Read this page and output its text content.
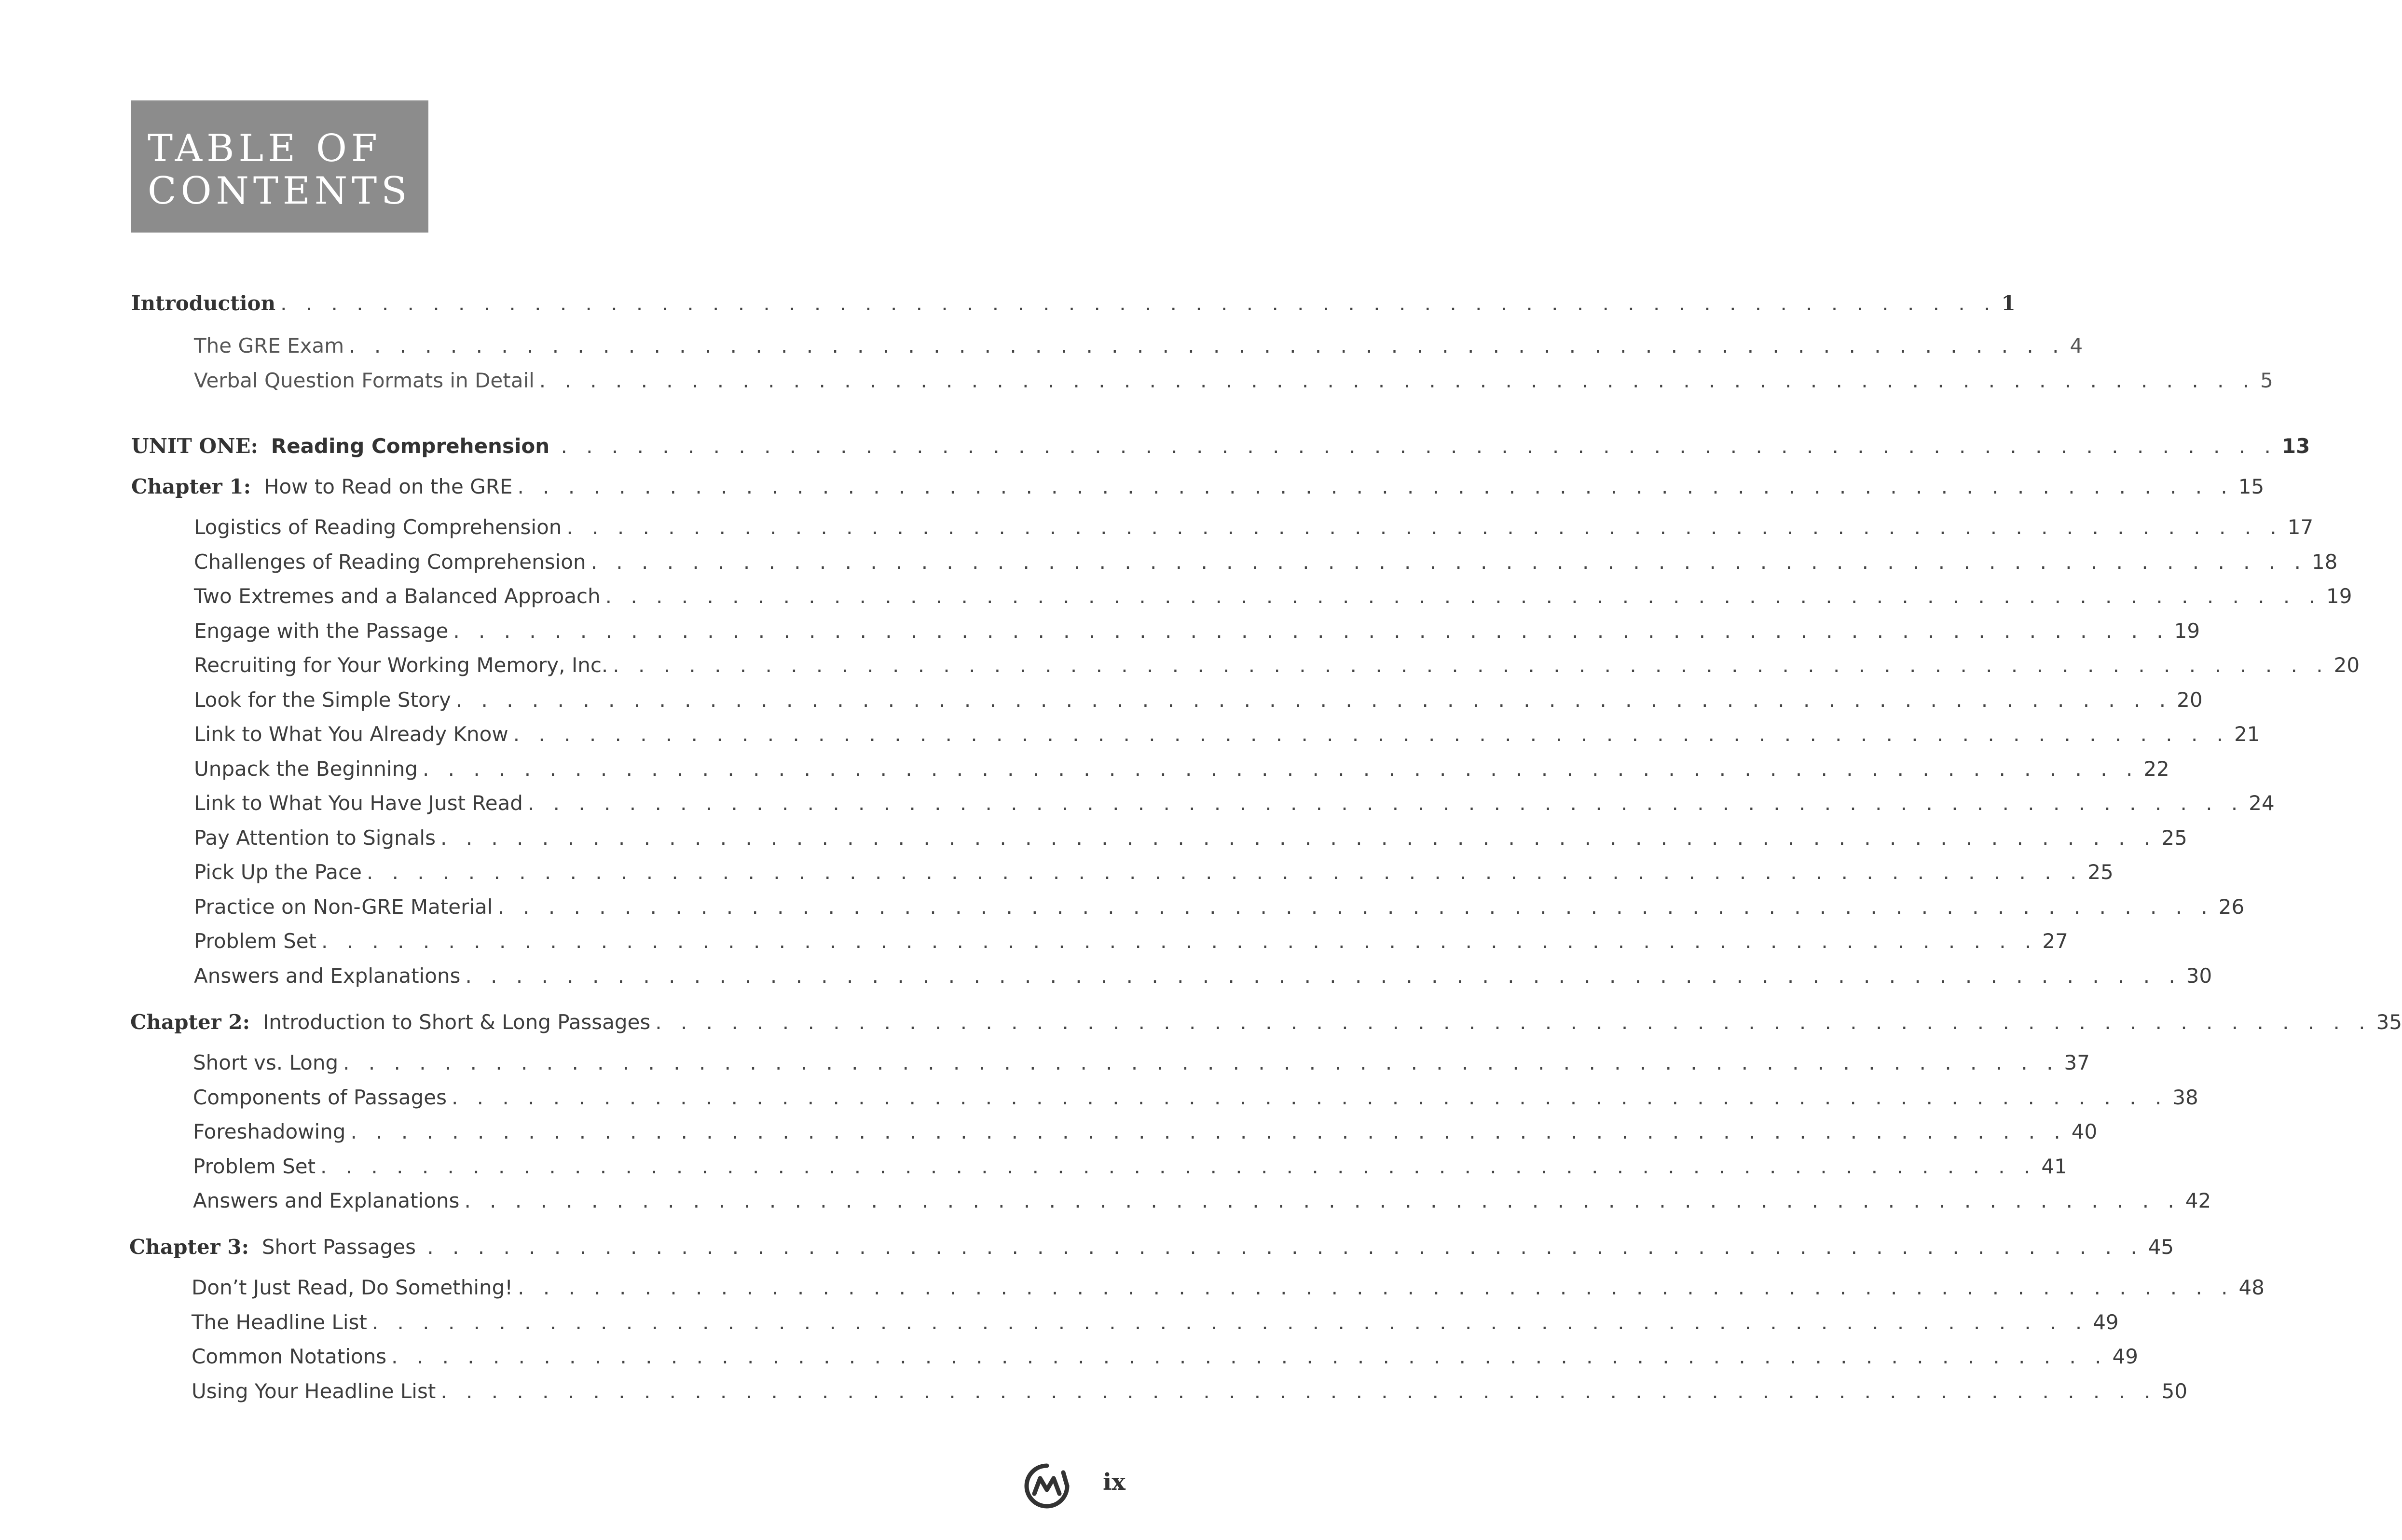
TABLE OF
CONTENTS
Introduction . . . . . . . . . . . . . . . . . . . . . . . . . . . . . . . . . . . . . . . . . . . . . . . . . . . . . . . . . . . . . . . . . . . . 1
The GRE Exam . . . . . . . . . . . . . . . . . . . . . . . . . . . . . . . . . . . . . . . . . . . . . . . . . . . . . . . . . . . . . . . . . . . . 4
Verbal Question Formats in Detail . . . . . . . . . . . . . . . . . . . . . . . . . . . . . . . . . . . . . . . . . . . . . . . . . . . . . . . . . . . . . . . . . . . . 5
UNIT ONE: Reading Comprehension . . . . . . . . . . . . . . . . . . . . . . . . . . . . . . . . . . . . . . . . . . . . . . . . . . . . . . . . . . . . . . . . . . . . 13
Chapter 1: How to Read on the GRE . . . . . . . . . . . . . . . . . . . . . . . . . . . . . . . . . . . . . . . . . . . . . . . . . . . . . . . . . . . . . . . . . . . . 15
Logistics of Reading Comprehension . . . . . . . . . . . . . . . . . . . . . . . . . . . . . . . . . . . . . . . . . . . . . . . . . . . . . . . . . . . . . . . . . . . . 17
Challenges of Reading Comprehension . . . . . . . . . . . . . . . . . . . . . . . . . . . . . . . . . . . . . . . . . . . . . . . . . . . . . . . . . . . . . . . . . . . . 18
Two Extremes and a Balanced Approach . . . . . . . . . . . . . . . . . . . . . . . . . . . . . . . . . . . . . . . . . . . . . . . . . . . . . . . . . . . . . . . . . . . . 19
Engage with the Passage . . . . . . . . . . . . . . . . . . . . . . . . . . . . . . . . . . . . . . . . . . . . . . . . . . . . . . . . . . . . . . . . . . . . 19
Recruiting for Your Working Memory, Inc. . . . . . . . . . . . . . . . . . . . . . . . . . . . . . . . . . . . . . . . . . . . . . . . . . . . . . . . . . . . . . . . . . . . . 20
Look for the Simple Story . . . . . . . . . . . . . . . . . . . . . . . . . . . . . . . . . . . . . . . . . . . . . . . . . . . . . . . . . . . . . . . . . . . . 20
Link to What You Already Know . . . . . . . . . . . . . . . . . . . . . . . . . . . . . . . . . . . . . . . . . . . . . . . . . . . . . . . . . . . . . . . . . . . . 21
Unpack the Beginning . . . . . . . . . . . . . . . . . . . . . . . . . . . . . . . . . . . . . . . . . . . . . . . . . . . . . . . . . . . . . . . . . . . . 22
Link to What You Have Just Read . . . . . . . . . . . . . . . . . . . . . . . . . . . . . . . . . . . . . . . . . . . . . . . . . . . . . . . . . . . . . . . . . . . . 24
Pay Attention to Signals . . . . . . . . . . . . . . . . . . . . . . . . . . . . . . . . . . . . . . . . . . . . . . . . . . . . . . . . . . . . . . . . . . . . 25
Pick Up the Pace . . . . . . . . . . . . . . . . . . . . . . . . . . . . . . . . . . . . . . . . . . . . . . . . . . . . . . . . . . . . . . . . . . . . 25
Practice on Non-GRE Material . . . . . . . . . . . . . . . . . . . . . . . . . . . . . . . . . . . . . . . . . . . . . . . . . . . . . . . . . . . . . . . . . . . . 26
Problem Set . . . . . . . . . . . . . . . . . . . . . . . . . . . . . . . . . . . . . . . . . . . . . . . . . . . . . . . . . . . . . . . . . . . . 27
Answers and Explanations . . . . . . . . . . . . . . . . . . . . . . . . . . . . . . . . . . . . . . . . . . . . . . . . . . . . . . . . . . . . . . . . . . . . 30
Chapter 2: Introduction to Short & Long Passages . . . . . . . . . . . . . . . . . . . . . . . . . . . . . . . . . . . . . . . . . . . . . . . . . . . . . . . . . . . . . . . . . . . . 35
Short vs. Long . . . . . . . . . . . . . . . . . . . . . . . . . . . . . . . . . . . . . . . . . . . . . . . . . . . . . . . . . . . . . . . . . . . . 37
Components of Passages . . . . . . . . . . . . . . . . . . . . . . . . . . . . . . . . . . . . . . . . . . . . . . . . . . . . . . . . . . . . . . . . . . . . 38
Foreshadowing . . . . . . . . . . . . . . . . . . . . . . . . . . . . . . . . . . . . . . . . . . . . . . . . . . . . . . . . . . . . . . . . . . . . 40
Problem Set . . . . . . . . . . . . . . . . . . . . . . . . . . . . . . . . . . . . . . . . . . . . . . . . . . . . . . . . . . . . . . . . . . . . 41
Answers and Explanations . . . . . . . . . . . . . . . . . . . . . . . . . . . . . . . . . . . . . . . . . . . . . . . . . . . . . . . . . . . . . . . . . . . . 42
Chapter 3: Short Passages . . . . . . . . . . . . . . . . . . . . . . . . . . . . . . . . . . . . . . . . . . . . . . . . . . . . . . . . . . . . . . . . . . . . 45
Don’t Just Read, Do Something! . . . . . . . . . . . . . . . . . . . . . . . . . . . . . . . . . . . . . . . . . . . . . . . . . . . . . . . . . . . . . . . . . . . . 48
The Headline List . . . . . . . . . . . . . . . . . . . . . . . . . . . . . . . . . . . . . . . . . . . . . . . . . . . . . . . . . . . . . . . . . . . . 49
Common Notations . . . . . . . . . . . . . . . . . . . . . . . . . . . . . . . . . . . . . . . . . . . . . . . . . . . . . . . . . . . . . . . . . . . . 49
Using Your Headline List . . . . . . . . . . . . . . . . . . . . . . . . . . . . . . . . . . . . . . . . . . . . . . . . . . . . . . . . . . . . . . . . . . . . 50
ix
